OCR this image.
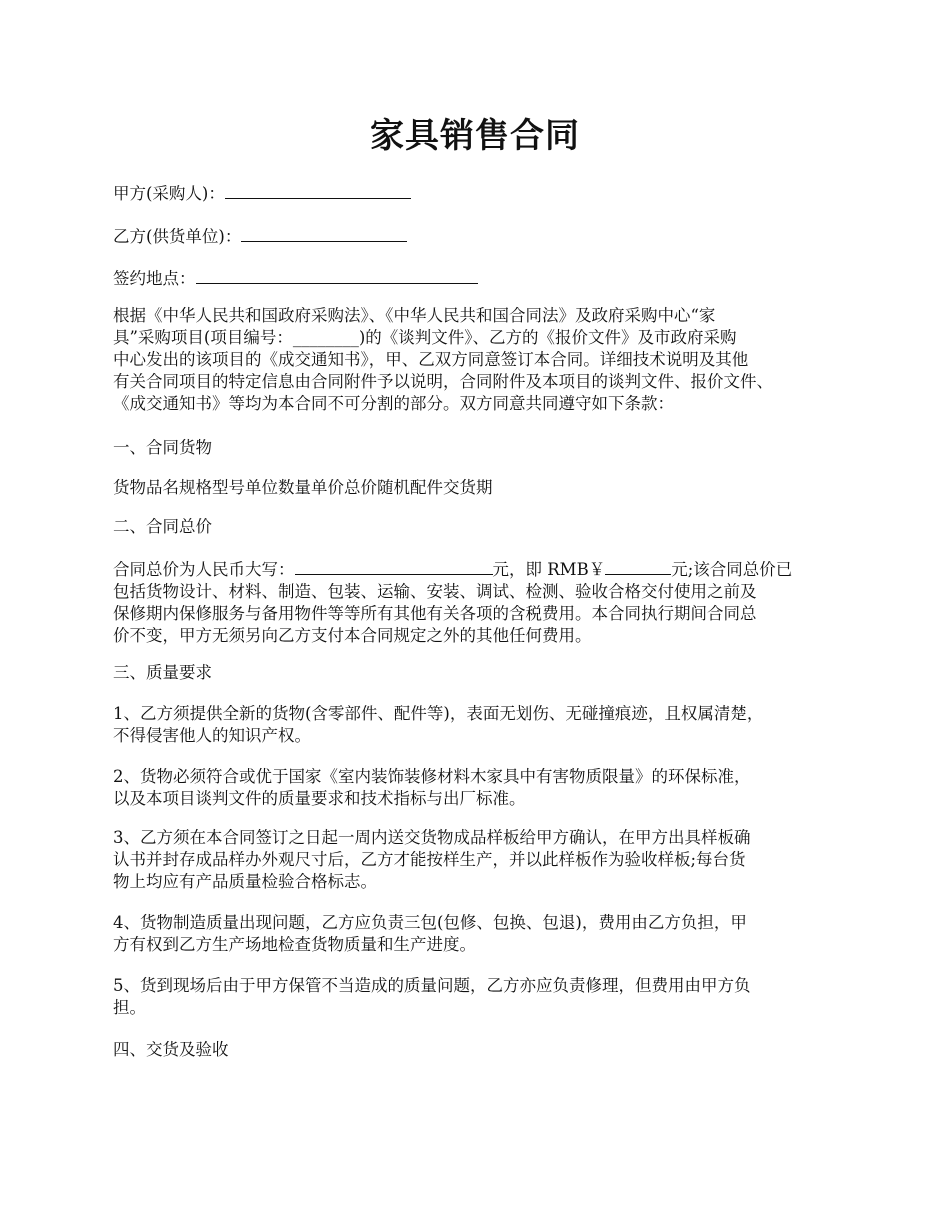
家具销售合同
甲方(采购人)：
乙方(供货单位)：
签约地点：
根据《中华人民共和国政府采购法》、《中华人民共和国合同法》及政府采购中心“家
具”采购项目(项目编号：________)的《谈判文件》、乙方的《报价文件》及市政府采购
中心发出的该项目的《成交通知书》，甲、乙双方同意签订本合同。详细技术说明及其他
有关合同项目的特定信息由合同附件予以说明，合同附件及本项目的谈判文件、报价文件、
《成交通知书》等均为本合同不可分割的部分。双方同意共同遵守如下条款：
一、合同货物
货物品名规格型号单位数量单价总价随机配件交货期
二、合同总价
合同总价为人民币大写：	元，即 RMB￥	元;该合同总价已
包括货物设计、材料、制造、包装、运输、安装、调试、检测、验收合格交付使用之前及
保修期内保修服务与备用物件等等所有其他有关各项的含税费用。本合同执行期间合同总
价不变，甲方无须另向乙方支付本合同规定之外的其他任何费用。
三、质量要求
1、乙方须提供全新的货物(含零部件、配件等)，表面无划伤、无碰撞痕迹，且权属清楚，
不得侵害他人的知识产权。
2、货物必须符合或优于国家《室内装饰装修材料木家具中有害物质限量》的环保标准，
以及本项目谈判文件的质量要求和技术指标与出厂标准。
3、乙方须在本合同签订之日起一周内送交货物成品样板给甲方确认，在甲方出具样板确
认书并封存成品样办外观尺寸后，乙方才能按样生产，并以此样板作为验收样板;每台货
物上均应有产品质量检验合格标志。
4、货物制造质量出现问题，乙方应负责三包(包修、包换、包退)，费用由乙方负担，甲
方有权到乙方生产场地检查货物质量和生产进度。
5、货到现场后由于甲方保管不当造成的质量问题，乙方亦应负责修理，但费用由甲方负
担。
四、交货及验收
